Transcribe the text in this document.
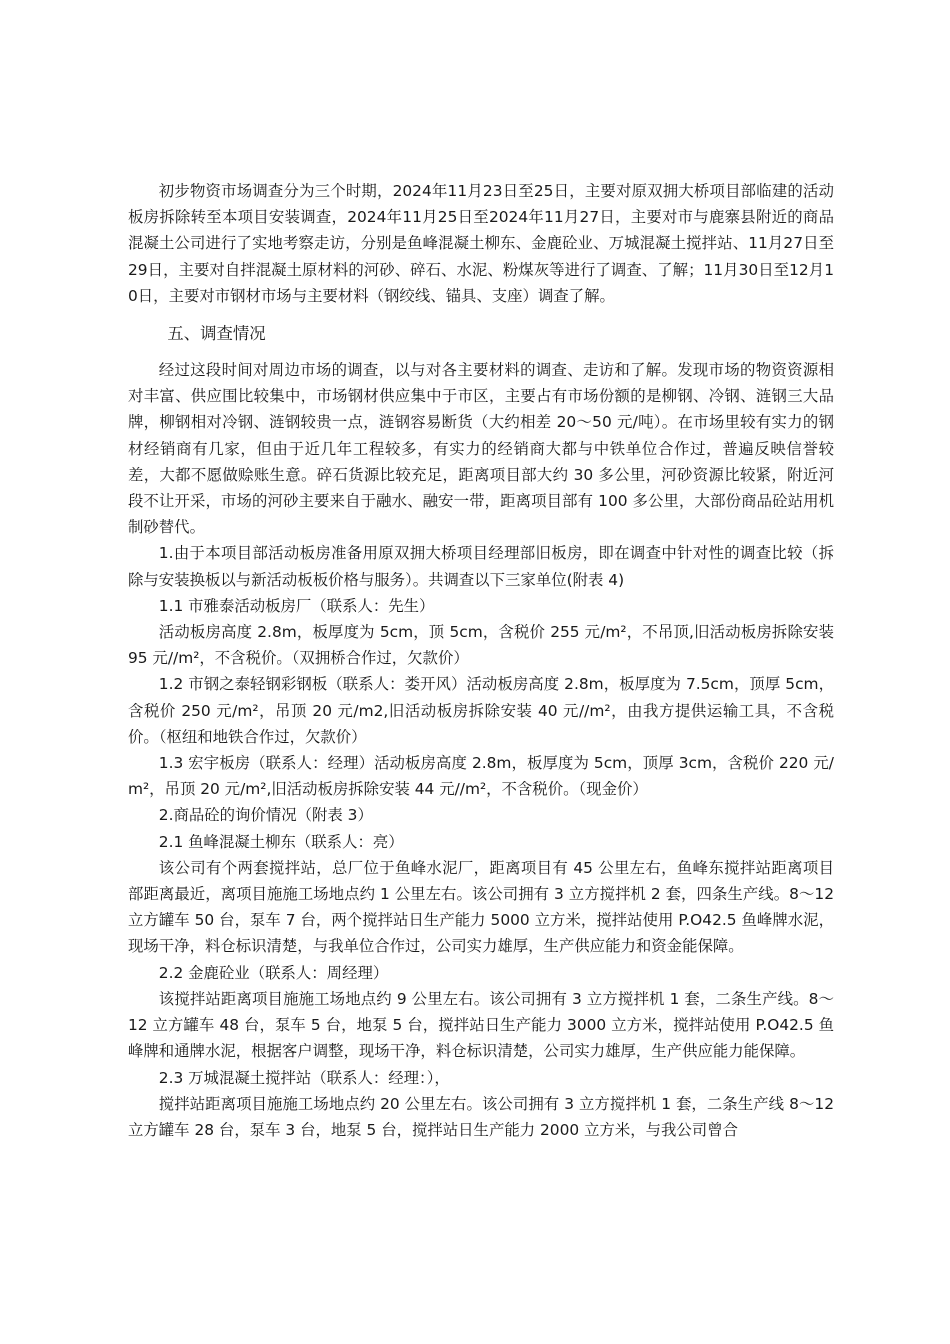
初步物资市场调查分为三个时期，2024年11月23日至25日，主要对原双拥大桥项目部临建的活动板房拆除转至本项目安装调查，2024年11月25日至2024年11月27日，主要对市与鹿寨县附近的商品混凝土公司进行了实地考察走访，分别是鱼峰混凝土柳东、金鹿砼业、万城混凝土搅拌站、11月27日至29日，主要对自拌混凝土原材料的河砂、碎石、水泥、粉煤灰等进行了调查、了解；11月30日至12月10日，主要对市钢材市场与主要材料（钢绞线、锚具、支座）调查了解。

五、调查情况

经过这段时间对周边市场的调查，以与对各主要材料的调查、走访和了解。发现市场的物资资源相对丰富、供应围比较集中，市场钢材供应集中于市区，主要占有市场份额的是柳钢、冷钢、涟钢三大品牌，柳钢相对冷钢、涟钢较贵一点，涟钢容易断货（大约相差 20～50 元/吨）。在市场里较有实力的钢材经销商有几家，但由于近几年工程较多，有实力的经销商大都与中铁单位合作过，普遍反映信誉较差，大都不愿做赊账生意。碎石货源比较充足，距离项目部大约 30 多公里，河砂资源比较紧，附近河段不让开采，市场的河砂主要来自于融水、融安一带，距离项目部有 100 多公里，大部份商品砼站用机制砂替代。

1.由于本项目部活动板房准备用原双拥大桥项目经理部旧板房，即在调查中针对性的调查比较（拆除与安装换板以与新活动板板价格与服务）。共调查以下三家单位(附表 4)

1.1 市雅泰活动板房厂（联系人：先生）

活动板房高度 2.8m，板厚度为 5cm，顶 5cm，含税价 255 元/m²，不吊顶,旧活动板房拆除安装 95 元//m²，不含税价。（双拥桥合作过，欠款价）

1.2 市钢之泰轻钢彩钢板（联系人：娄开风）活动板房高度 2.8m，板厚度为 7.5cm，顶厚 5cm，含税价 250 元/m²，吊顶 20 元/m2,旧活动板房拆除安装 40 元//m²，由我方提供运输工具，不含税价。（枢纽和地铁合作过，欠款价）

1.3 宏宇板房（联系人：经理）活动板房高度 2.8m，板厚度为 5cm，顶厚 3cm，含税价 220 元/m²，吊顶 20 元/m²,旧活动板房拆除安装 44 元//m²，不含税价。（现金价）

2.商品砼的询价情况（附表 3）

2.1 鱼峰混凝土柳东（联系人：亮）

该公司有个两套搅拌站，总厂位于鱼峰水泥厂，距离项目有 45 公里左右，鱼峰东搅拌站距离项目部距离最近，离项目施施工场地点约 1 公里左右。该公司拥有 3 立方搅拌机 2 套，四条生产线。8～12 立方罐车 50 台，泵车 7 台，两个搅拌站日生产能力 5000 立方米，搅拌站使用 P.O42.5 鱼峰牌水泥，现场干净，料仓标识清楚，与我单位合作过，公司实力雄厚，生产供应能力和资金能保障。

2.2 金鹿砼业（联系人：周经理）

该搅拌站距离项目施施工场地点约 9 公里左右。该公司拥有 3 立方搅拌机 1 套，二条生产线。8～12 立方罐车 48 台，泵车 5 台，地泵 5 台，搅拌站日生产能力 3000 立方米，搅拌站使用 P.O42.5 鱼峰牌和通牌水泥，根据客户调整，现场干净，料仓标识清楚，公司实力雄厚，生产供应能力能保障。

2.3 万城混凝土搅拌站（联系人：经理：），

搅拌站距离项目施施工场地点约 20 公里左右。该公司拥有 3 立方搅拌机 1 套，二条生产线 8～12 立方罐车 28 台，泵车 3 台，地泵 5 台，搅拌站日生产能力 2000 立方米，与我公司曾合
